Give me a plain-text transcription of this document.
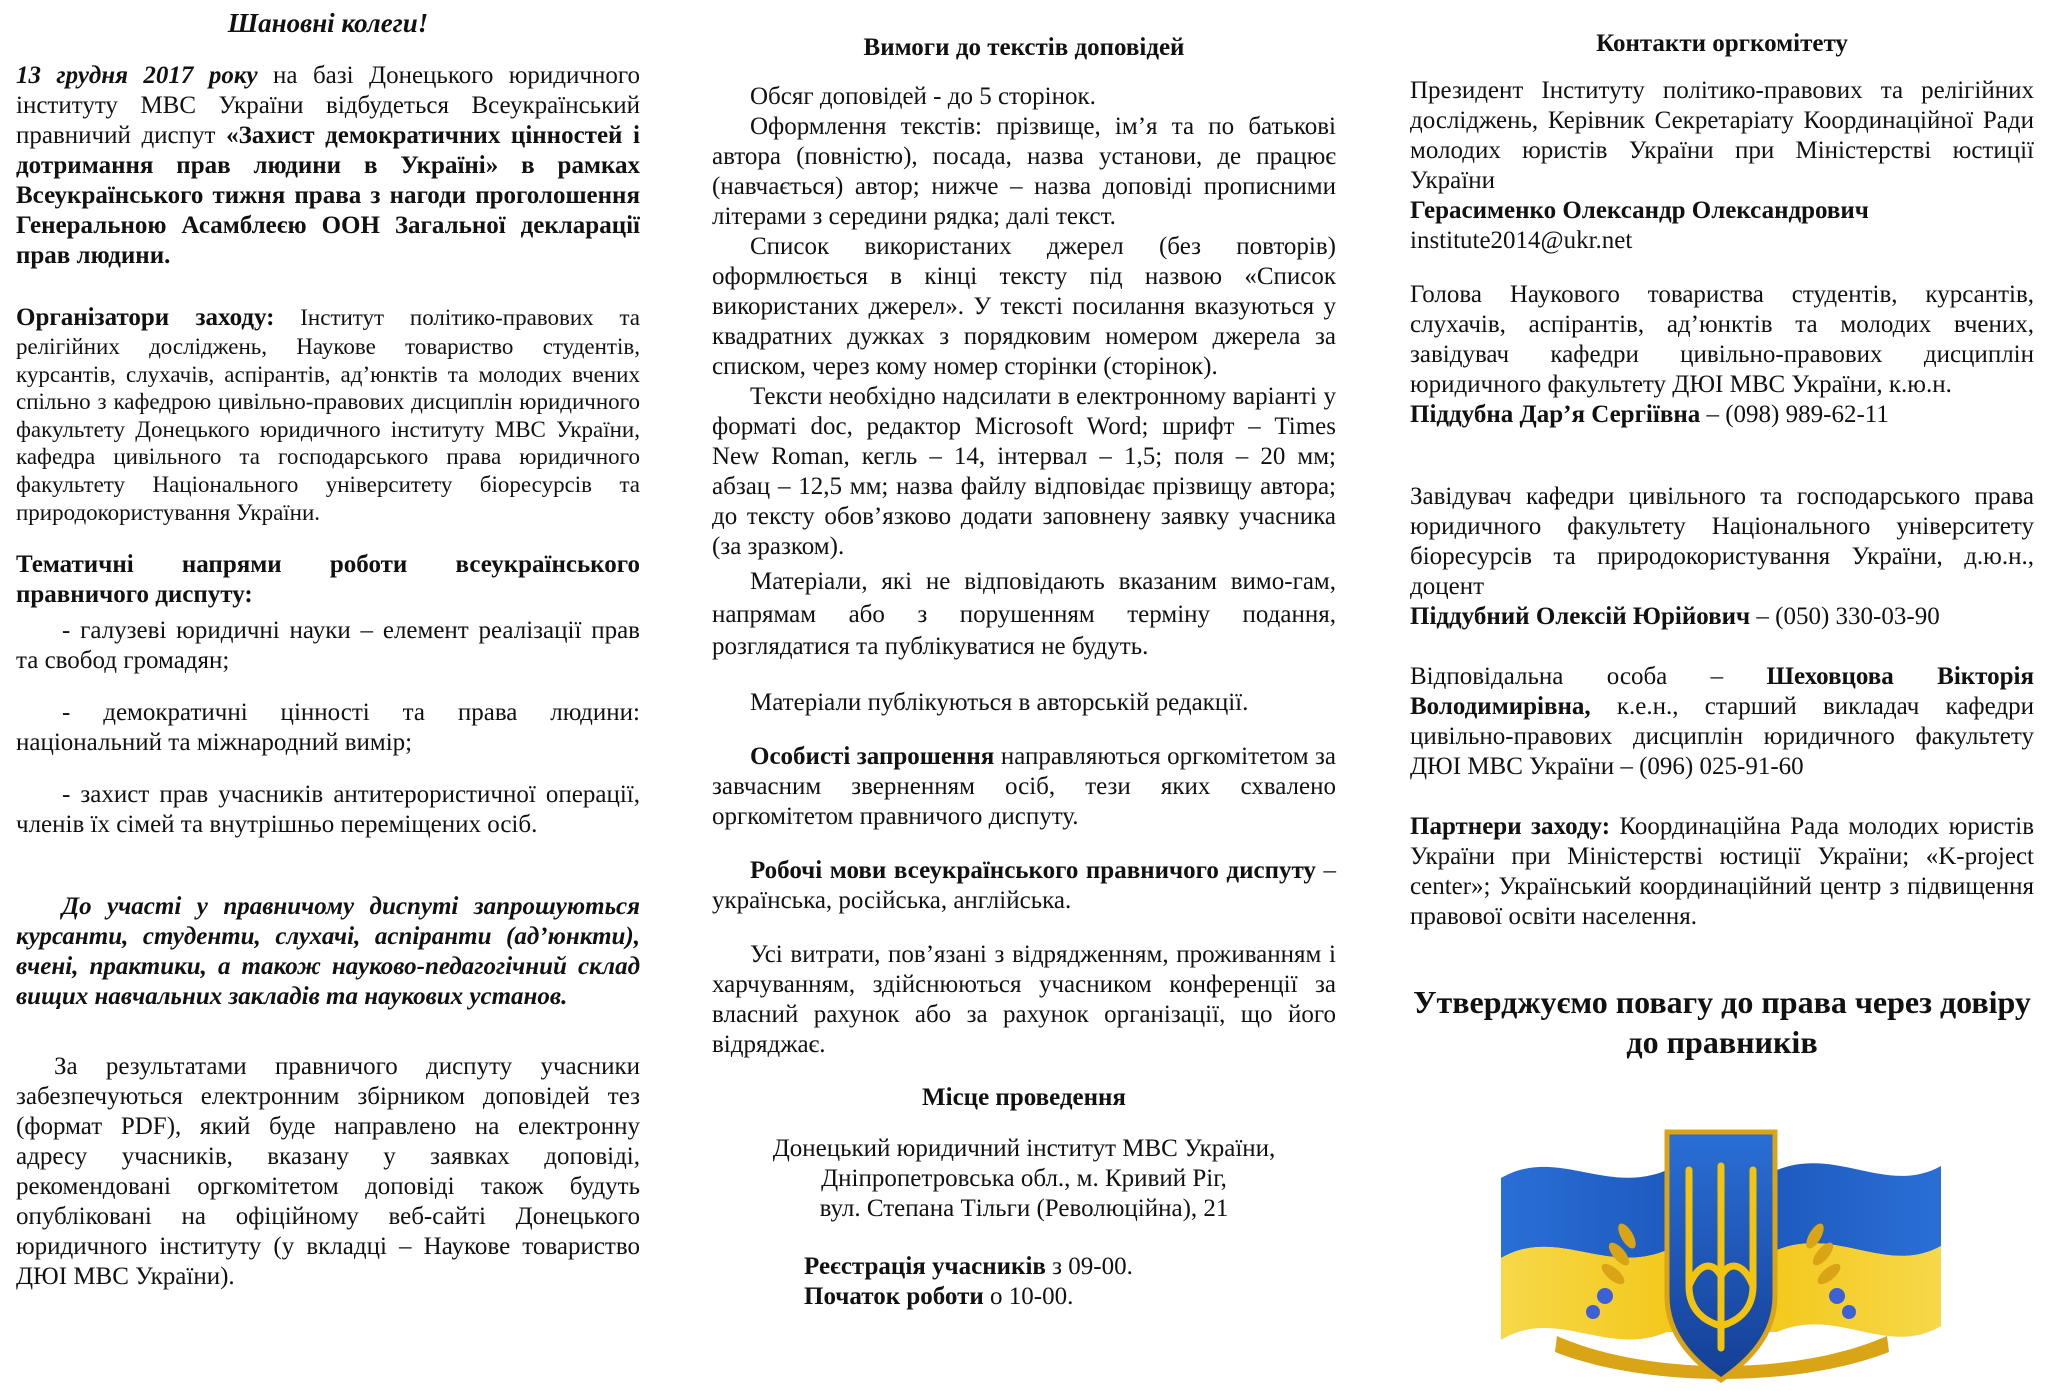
Шановні колеги!

13 грудня 2017 року на базі Донецького юридичного інституту МВС України відбудеться Всеукраїнський правничий диспут «Захист демократичних цінностей і дотримання прав людини в Україні» в рамках Всеукраїнського тижня права з нагоди проголошення Генеральною Асамблеєю ООН Загальної декларації прав людини.

Організатори заходу: Інститут політико-правових та релігійних досліджень, Наукове товариство студентів, курсантів, слухачів, аспірантів, ад’юнктів та молодих вчених спільно з кафедрою цивільно-правових дисциплін юридичного факультету Донецького юридичного інституту МВС України, кафедра цивільного та господарського права юридичного факультету Національного університету біоресурсів та природокористування України.

Тематичні напрями роботи всеукраїнського правничого диспуту:

- галузеві юридичні науки – елемент реалізації прав та свобод громадян;

- демократичні цінності та права людини: національний та міжнародний вимір;

- захист прав учасників антитерористичної операції, членів їх сімей та внутрішньо переміщених осіб.

До участі у правничому диспуті запрошуються курсанти, студенти, слухачі, аспіранти (ад’юнкти), вчені, практики, а також науково-педагогічний склад вищих навчальних закладів та наукових установ.

За результатами правничого диспуту учасники забезпечуються електронним збірником доповідей тез (формат PDF), який буде направлено на електронну адресу учасників, вказану у заявках доповіді, рекомендовані оргкомітетом доповіді також будуть опубліковані на офіційному веб-сайті Донецького юридичного інституту (у вкладці – Наукове товариство ДЮІ МВС України).

Вимоги до текстів доповідей

Обсяг доповідей - до 5 сторінок.

Оформлення текстів: прізвище, ім’я та по батькові автора (повністю), посада, назва установи, де працює (навчається) автор; нижче – назва доповіді прописними літерами з середини рядка; далі текст.

Список використаних джерел (без повторів) оформлюється в кінці тексту під назвою «Список використаних джерел». У тексті посилання вказуються у квадратних дужках з порядковим номером джерела за списком, через кому номер сторінки (сторінок).

Тексти необхідно надсилати в електронному варіанті у форматі doc, редактор Microsoft Word; шрифт – Times New Roman, кегль – 14, інтервал – 1,5; поля – 20 мм; абзац – 12,5 мм; назва файлу відповідає прізвищу автора; до тексту обов’язково додати заповнену заявку учасника (за зразком).

Матеріали, які не відповідають вказаним вимо-гам, напрямам або з порушенням терміну подання, розглядатися та публікуватися не будуть.

Матеріали публікуються в авторській редакції.

Особисті запрошення направляються оргкомітетом за завчасним зверненням осіб, тези яких схвалено оргкомітетом правничого диспуту.

Робочі мови всеукраїнського правничого диспуту – українська, російська, англійська.

Усі витрати, пов’язані з відрядженням, проживанням і харчуванням, здійснюються учасником конференції за власний рахунок або за рахунок організації, що його відряджає.

Місце проведення

Донецький юридичний інститут МВС України,

Дніпропетровська обл., м. Кривий Ріг,

вул. Степана Тільги (Революційна), 21

Реєстрація учасників з 09-00.

Початок роботи о 10-00.

Контакти оргкомітету

Президент Інституту політико-правових та релігійних досліджень, Керівник Секретаріату Координаційної Ради молодих юристів України при Міністерстві юстиції України

Герасименко Олександр Олександрович

institute2014@ukr.net

Голова Наукового товариства студентів, курсантів, слухачів, аспірантів, ад’юнктів та молодих вчених, завідувач кафедри цивільно-правових дисциплін юридичного факультету ДЮІ МВС України, к.ю.н.

Піддубна Дар’я Сергіївна – (098) 989-62-11

Завідувач кафедри цивільного та господарського права юридичного факультету Національного університету біоресурсів та природокористування України, д.ю.н., доцент

Піддубний Олексій Юрійович – (050) 330-03-90

Відповідальна особа – Шеховцова Вікторія Володимирівна, к.е.н., старший викладач кафедри цивільно-правових дисциплін юридичного факультету ДЮІ МВС України – (096) 025-91-60

Партнери заходу: Координаційна Рада молодих юристів України при Міністерстві юстиції України; «K-project center»; Український координаційний центр з підвищення правової освіти населення.

Утверджуємо повагу до права через довіру до правників
